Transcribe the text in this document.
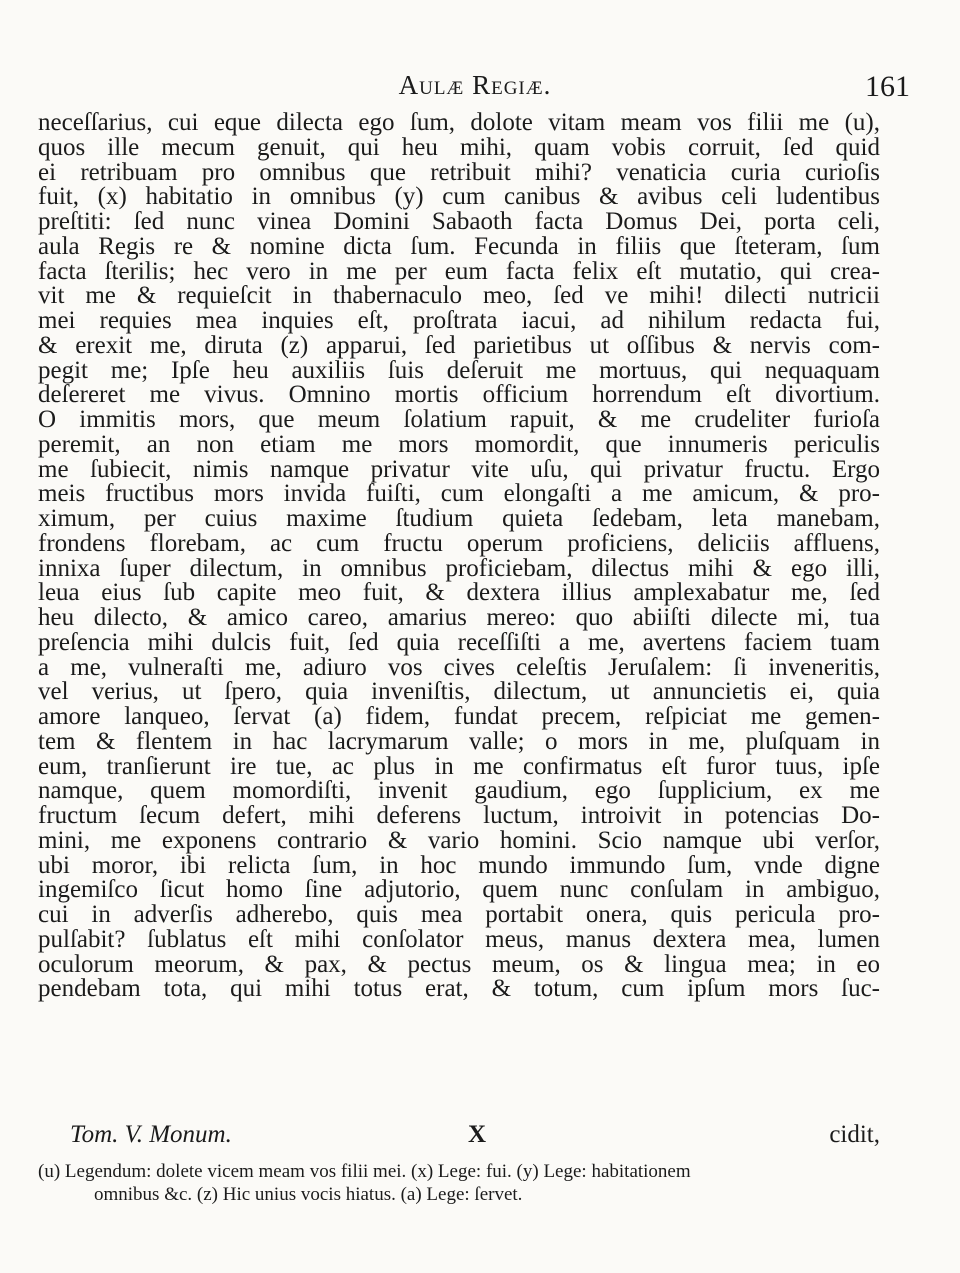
Aulæ Regiæ.	161
neceſſarius, cui eque dilecta ego ſum, dolote vitam meam vos filii me (u),
quos ille mecum genuit, qui heu mihi, quam vobis corruit, ſed quid
ei retribuam pro omnibus que retribuit mihi? venaticia curia curioſis
fuit, (x) habitatio in omnibus (y) cum canibus & avibus celi ludentibus
preſtiti: ſed nunc vinea Domini Sabaoth facta Domus Dei, porta celi,
aula Regis re & nomine dicta ſum. Fecunda in filiis que ſteteram, ſum
facta ſterilis; hec vero in me per eum facta felix eſt mutatio, qui crea-
vit me & requieſcit in thabernaculo meo, ſed ve mihi! dilecti nutricii
mei requies mea inquies eſt, proſtrata iacui, ad nihilum redacta fui,
& erexit me, diruta (z) apparui, ſed parietibus ut oſſibus & nervis com-
pegit me; Ipſe heu auxiliis ſuis deſeruit me mortuus, qui nequaquam
deſereret me vivus. Omnino mortis officium horrendum eſt divortium.
O immitis mors, que meum ſolatium rapuit, & me crudeliter furioſa
peremit, an non etiam me mors momordit, que innumeris periculis
me ſubiecit, nimis namque privatur vite uſu, qui privatur fructu. Ergo
meis fructibus mors invida fuiſti, cum elongaſti a me amicum, & pro-
ximum, per cuius maxime ſtudium quieta ſedebam, leta manebam,
frondens florebam, ac cum fructu operum proficiens, deliciis affluens,
innixa ſuper dilectum, in omnibus proficiebam, dilectus mihi & ego illi,
leua eius ſub capite meo fuit, & dextera illius amplexabatur me, ſed
heu dilecto, & amico careo, amarius mereo: quo abiiſti dilecte mi, tua
preſencia mihi dulcis fuit, ſed quia receſſiſti a me, avertens faciem tuam
a me, vulneraſti me, adiuro vos cives celeſtis Jeruſalem: ſi inveneritis,
vel verius, ut ſpero, quia inveniſtis, dilectum, ut annuncietis ei, quia
amore lanqueo, ſervat (a) fidem, fundat precem, reſpiciat me gemen-
tem & flentem in hac lacrymarum valle; o mors in me, pluſquam in
eum, tranſierunt ire tue, ac plus in me confirmatus eſt furor tuus, ipſe
namque, quem momordiſti, invenit gaudium, ego ſupplicium, ex me
fructum ſecum defert, mihi deferens luctum, introivit in potencias Do-
mini, me exponens contrario & vario homini. Scio namque ubi verſor,
ubi moror, ibi relicta ſum, in hoc mundo immundo ſum, vnde digne
ingemiſco ſicut homo ſine adjutorio, quem nunc conſulam in ambiguo,
cui in adverſis adherebo, quis mea portabit onera, quis pericula pro-
pulſabit? ſublatus eſt mihi conſolator meus, manus dextera mea, lumen
oculorum meorum, & pax, & pectus meum, os & lingua mea; in eo
pendebam tota, qui mihi totus erat, & totum, cum ipſum mors ſuc-
Tom. V. Monum.	X	cidit,
(u) Legendum: dolete vicem meam vos filii mei. (x) Lege: fui. (y) Lege: habitationem
omnibus &c. (z) Hic unius vocis hiatus. (a) Lege: ſervet.
